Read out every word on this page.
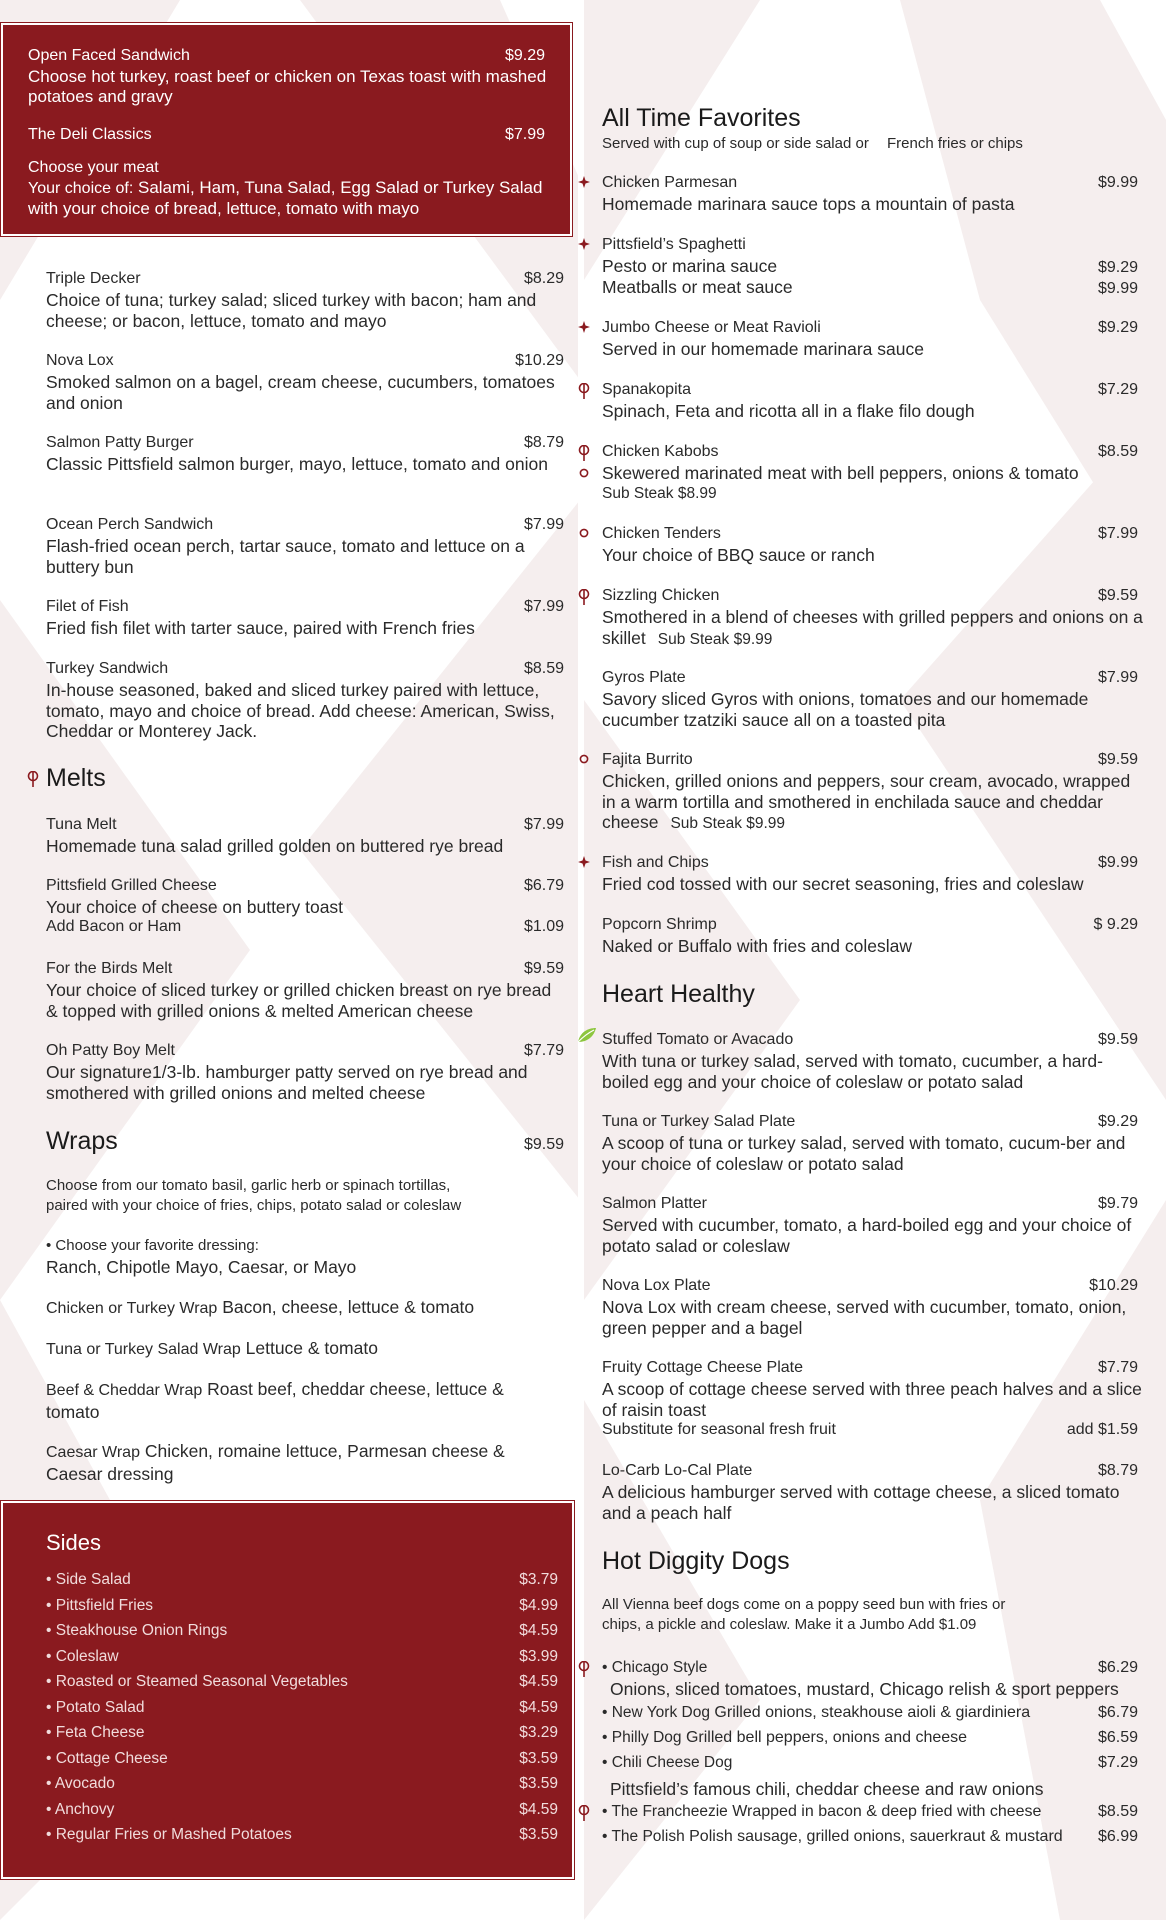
Open Faced Sandwich	$9.29
Choose hot turkey, roast beef or chicken on Texas toast with mashed potatoes and gravy
The Deli Classics	$7.99
Choose your meat
Your choice of: Salami, Ham, Tuna Salad, Egg Salad or Turkey Salad with your choice of bread, lettuce, tomato with mayo
Triple Decker	$8.29
Choice of tuna; turkey salad; sliced turkey with bacon; ham and cheese; or bacon, lettuce, tomato and mayo
Nova Lox	$10.29
Smoked salmon on a bagel, cream cheese, cucumbers, tomatoes and onion
Salmon Patty Burger	$8.79
Classic Pittsfield salmon burger, mayo, lettuce, tomato and onion
Ocean Perch Sandwich	$7.99
Flash-fried ocean perch, tartar sauce, tomato and lettuce on a buttery bun
Filet of Fish	$7.99
Fried fish filet with tarter sauce, paired with French fries
Turkey Sandwich	$8.59
In-house seasoned, baked and sliced turkey paired with lettuce, tomato, mayo and choice of bread. Add cheese: American, Swiss, Cheddar or Monterey Jack.
Melts
Tuna Melt	$7.99
Homemade tuna salad grilled golden on buttered rye bread
Pittsfield Grilled Cheese	$6.79
Your choice of cheese on buttery toast
Add Bacon or Ham	$1.09
For the Birds Melt	$9.59
Your choice of sliced turkey or grilled chicken breast on rye bread & topped with grilled onions & melted American cheese
Oh Patty Boy Melt	$7.79
Our signature1/3-lb. hamburger patty served on rye bread and smothered with grilled onions and melted cheese
Wraps	$9.59
Choose from our tomato basil, garlic herb or spinach tortillas, paired with your choice of fries, chips, potato salad or coleslaw
• Choose your favorite dressing:
Ranch, Chipotle Mayo, Caesar, or Mayo
Chicken or Turkey Wrap Bacon, cheese, lettuce & tomato
Tuna or Turkey Salad Wrap Lettuce & tomato
Beef & Cheddar Wrap Roast beef, cheddar cheese, lettuce & tomato
Caesar Wrap Chicken, romaine lettuce, Parmesan cheese & Caesar dressing
Sides
• Side Salad	$3.79
• Pittsfield Fries	$4.99
• Steakhouse Onion Rings	$4.59
• Coleslaw	$3.99
• Roasted or Steamed Seasonal Vegetables	$4.59
• Potato Salad	$4.59
• Feta Cheese	$3.29
• Cottage Cheese	$3.59
• Avocado	$3.59
• Anchovy	$4.59
• Regular Fries or Mashed Potatoes	$3.59
All Time Favorites
Served with cup of soup or side salad or French fries or chips
Chicken Parmesan	$9.99
Homemade marinara sauce tops a mountain of pasta
Pittsfield’s Spaghetti
Pesto or marina sauce	$9.29
Meatballs or meat sauce	$9.99
Jumbo Cheese or Meat Ravioli	$9.29
Served in our homemade marinara sauce
Spanakopita	$7.29
Spinach, Feta and ricotta all in a flake filo dough
Chicken Kabobs	$8.59
Skewered marinated meat with bell peppers, onions & tomato
Sub Steak $8.99
Chicken Tenders	$7.99
Your choice of BBQ sauce or ranch
Sizzling Chicken	$9.59
Smothered in a blend of cheeses with grilled peppers and onions on a skillet Sub Steak $9.99
Gyros Plate	$7.99
Savory sliced Gyros with onions, tomatoes and our homemade cucumber tzatziki sauce all on a toasted pita
Fajita Burrito	$9.59
Chicken, grilled onions and peppers, sour cream, avocado, wrapped in a warm tortilla and smothered in enchilada sauce and cheddar cheese Sub Steak $9.99
Fish and Chips	$9.99
Fried cod tossed with our secret seasoning, fries and coleslaw
Popcorn Shrimp	$ 9.29
Naked or Buffalo with fries and coleslaw
Heart Healthy
Stuffed Tomato or Avacado	$9.59
With tuna or turkey salad, served with tomato, cucumber, a hard-boiled egg and your choice of coleslaw or potato salad
Tuna or Turkey Salad Plate	$9.29
A scoop of tuna or turkey salad, served with tomato, cucum-ber and your choice of coleslaw or potato salad
Salmon Platter	$9.79
Served with cucumber, tomato, a hard-boiled egg and your choice of potato salad or coleslaw
Nova Lox Plate	$10.29
Nova Lox with cream cheese, served with cucumber, tomato, onion, green pepper and a bagel
Fruity Cottage Cheese Plate	$7.79
A scoop of cottage cheese served with three peach halves and a slice of raisin toast
Substitute for seasonal fresh fruit	add $1.59
Lo-Carb Lo-Cal Plate	$8.79
A delicious hamburger served with cottage cheese, a sliced tomato and a peach half
Hot Diggity Dogs
All Vienna beef dogs come on a poppy seed bun with fries or chips, a pickle and coleslaw. Make it a Jumbo Add $1.09
• Chicago Style	$6.29
Onions, sliced tomatoes, mustard, Chicago relish & sport peppers
• New York Dog Grilled onions, steakhouse aioli & giardiniera	$6.79
• Philly Dog Grilled bell peppers, onions and cheese	$6.59
• Chili Cheese Dog	$7.29
Pittsfield’s famous chili, cheddar cheese and raw onions
• The Francheezie Wrapped in bacon & deep fried with cheese	$8.59
• The Polish Polish sausage, grilled onions, sauerkraut & mustard $6.99
